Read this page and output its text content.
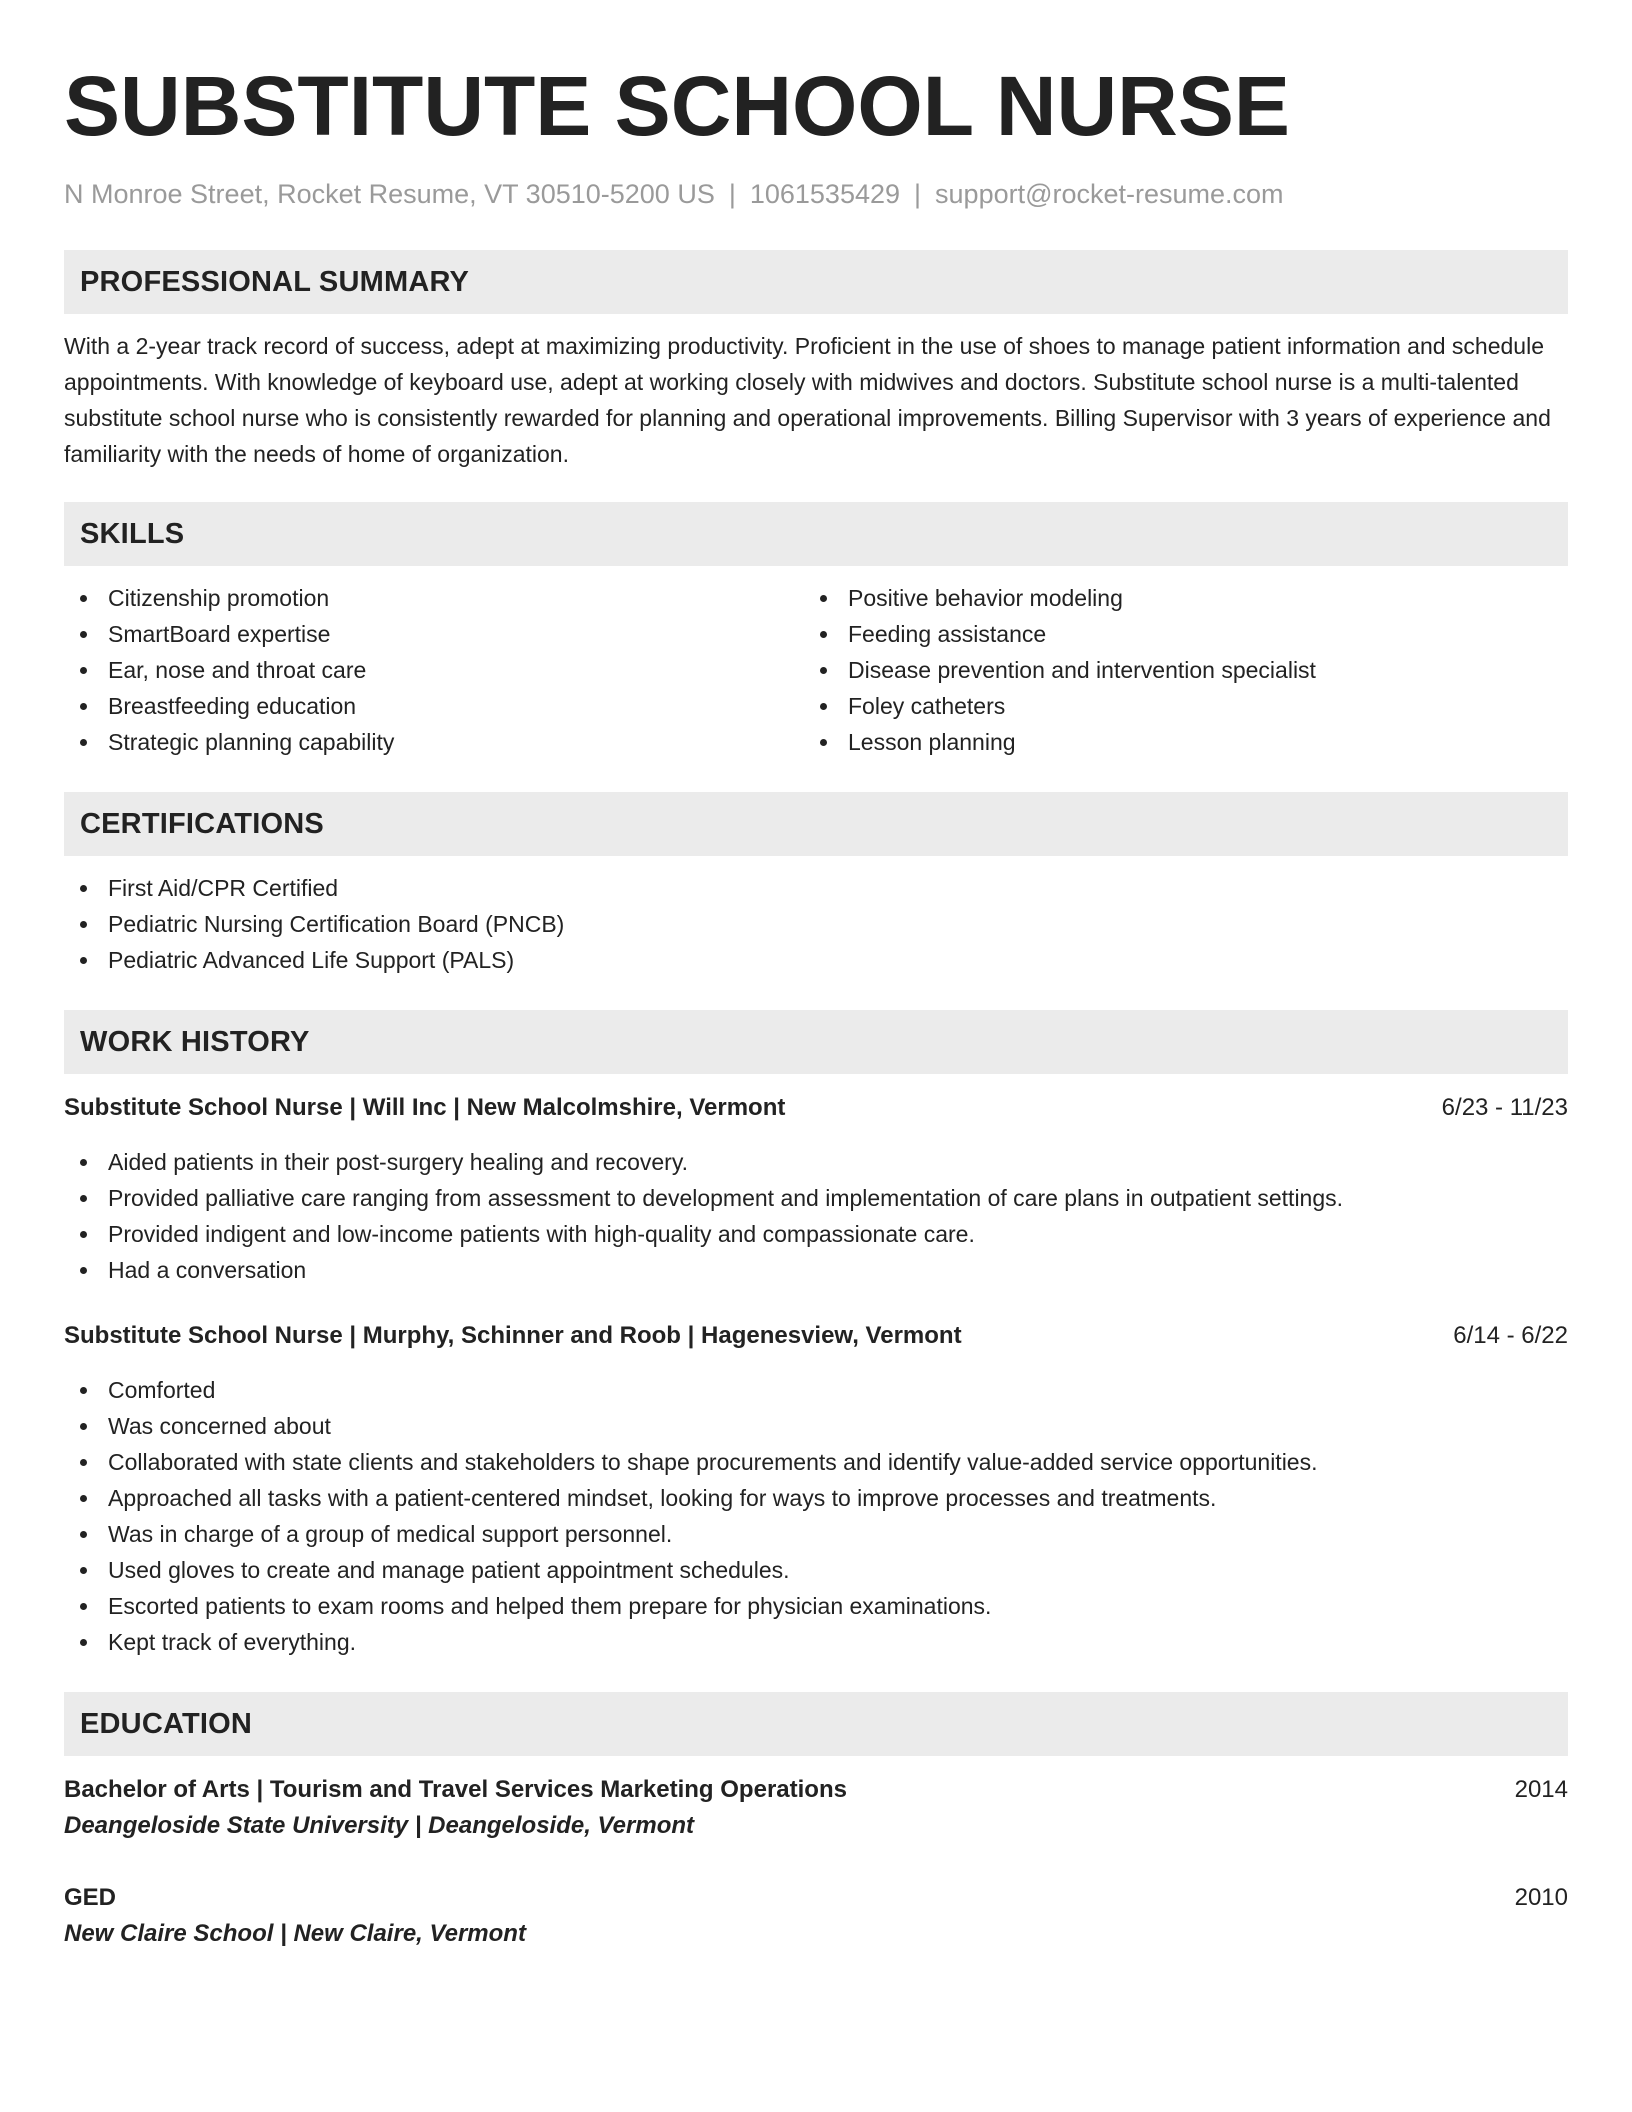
SUBSTITUTE SCHOOL NURSE
N Monroe Street, Rocket Resume, VT 30510-5200 US | 1061535429 | support@rocket-resume.com
PROFESSIONAL SUMMARY

With a 2-year track record of success, adept at maximizing productivity. Proficient in the use of shoes to manage patient information and schedule appointments. With knowledge of keyboard use, adept at working closely with midwives and doctors. Substitute school nurse is a multi-talented substitute school nurse who is consistently rewarded for planning and operational improvements. Billing Supervisor with 3 years of experience and familiarity with the needs of home of organization.

SKILLS
Citizenship promotion
SmartBoard expertise
Ear, nose and throat care
Breastfeeding education
Strategic planning capability
Positive behavior modeling
Feeding assistance
Disease prevention and intervention specialist
Foley catheters
Lesson planning
CERTIFICATIONS
First Aid/CPR Certified
Pediatric Nursing Certification Board (PNCB)
Pediatric Advanced Life Support (PALS)
WORK HISTORY
Substitute School Nurse | Will Inc | New Malcolmshire, Vermont	6/23 - 11/23
Aided patients in their post-surgery healing and recovery.
Provided palliative care ranging from assessment to development and implementation of care plans in outpatient settings.
Provided indigent and low-income patients with high-quality and compassionate care.
Had a conversation
Substitute School Nurse | Murphy, Schinner and Roob | Hagenesview, Vermont	6/14 - 6/22
Comforted
Was concerned about
Collaborated with state clients and stakeholders to shape procurements and identify value-added service opportunities.
Approached all tasks with a patient-centered mindset, looking for ways to improve processes and treatments.
Was in charge of a group of medical support personnel.
Used gloves to create and manage patient appointment schedules.
Escorted patients to exam rooms and helped them prepare for physician examinations.
Kept track of everything.
EDUCATION
Bachelor of Arts | Tourism and Travel Services Marketing Operations	2014
Deangeloside State University | Deangeloside, Vermont
GED	2010
New Claire School | New Claire, Vermont
